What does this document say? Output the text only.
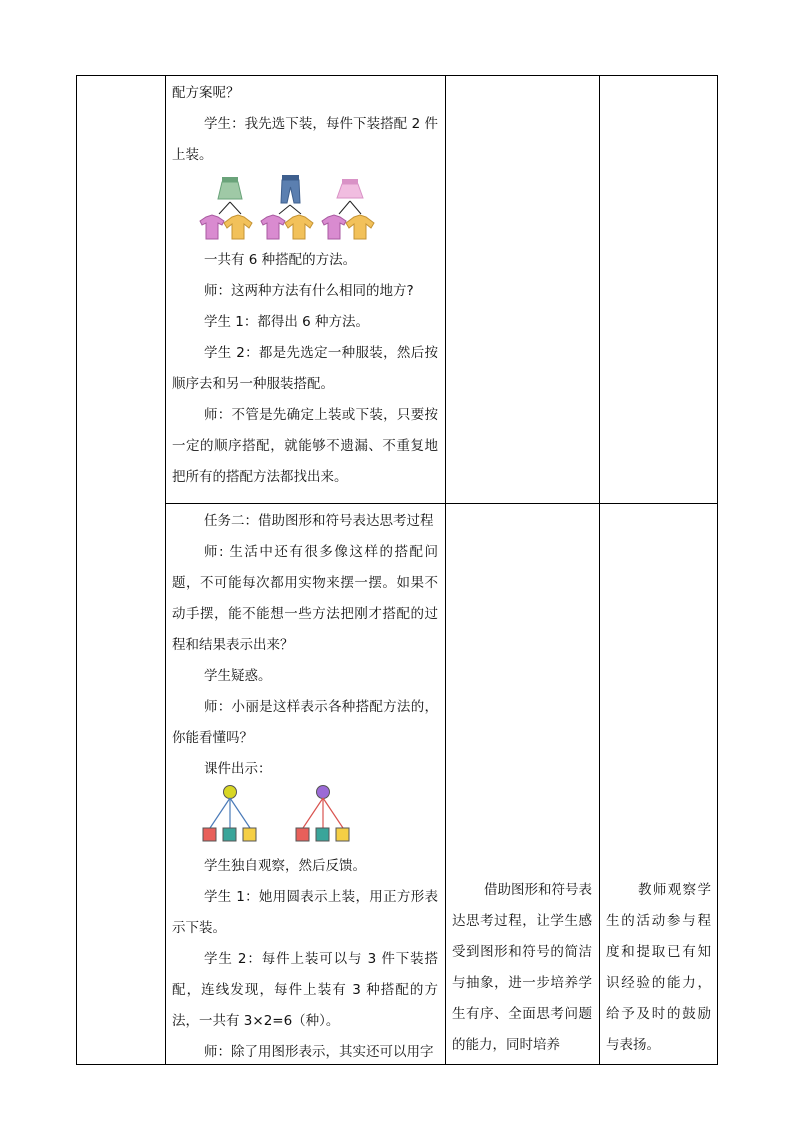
配方案呢？

学生：我先选下装，每件下装搭配 2 件上装。

一共有 6 种搭配的方法。

师：这两种方法有什么相同的地方?

学生 1：都得出 6 种方法。

学生 2：都是先选定一种服装，然后按顺序去和另一种服装搭配。

师：不管是先确定上装或下装，只要按一定的顺序搭配，就能够不遗漏、不重复地把所有的搭配方法都找出来。

任务二：借助图形和符号表达思考过程

师: 生活中还有很多像这样的搭配问题，不可能每次都用实物来摆一摆。如果不动手摆，能不能想一些方法把刚才搭配的过程和结果表示出来？

学生疑惑。

师：小丽是这样表示各种搭配方法的，你能看懂吗？

课件出示：

学生独自观察，然后反馈。

学生 1：她用圆表示上装，用正方形表示下装。

学生 2：每件上装可以与 3 件下装搭配，连线发现，每件上装有 3 种搭配的方法，一共有 3×2=6（种）。

师：除了用图形表示，其实还可以用字

借助图形和符号表达思考过程，让学生感受到图形和符号的简洁与抽象，进一步培养学生有序、全面思考问题的能力，同时培养

教师观察学生的活动参与程度和提取已有知识经验的能力，给予及时的鼓励与表扬。
